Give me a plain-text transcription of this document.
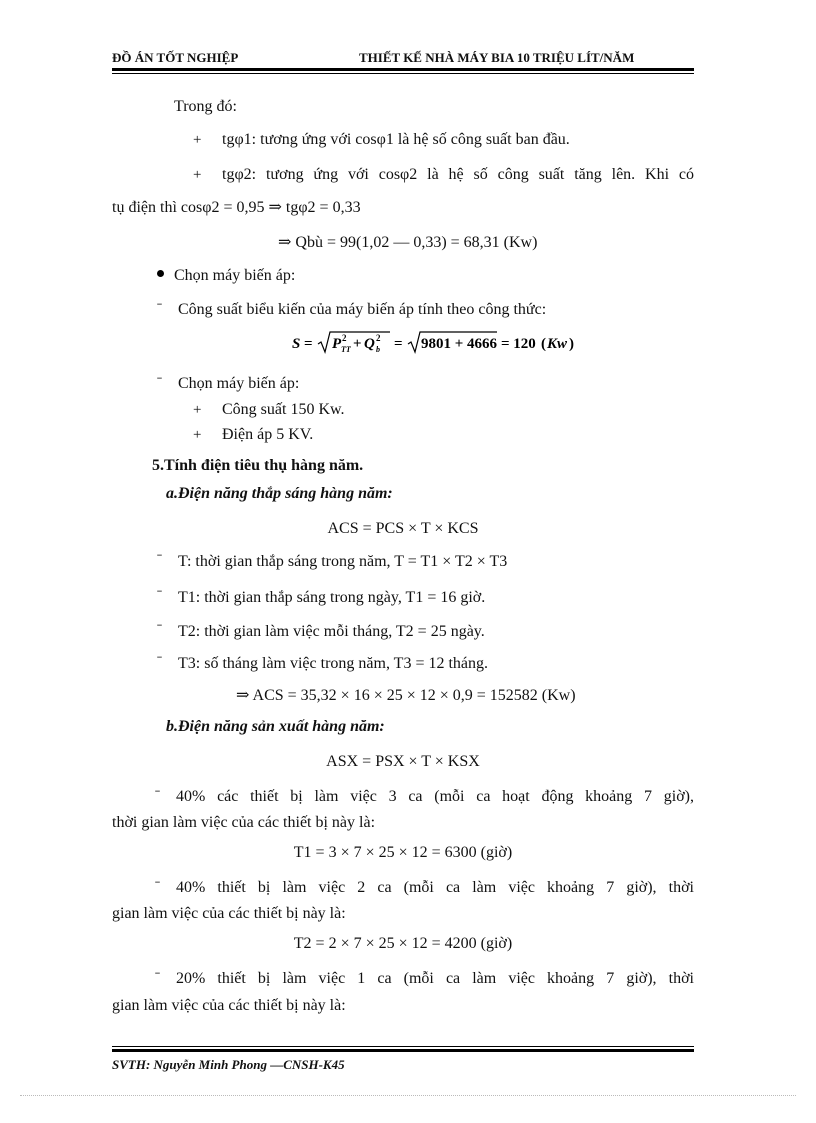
ĐỒ ÁN TỐT NGHIỆP	THIẾT KẾ NHÀ MÁY BIA 10 TRIỆU LÍT/NĂM
Trong đó:
+ tgφ1: tương ứng với cosφ1 là hệ số công suất ban đầu.
+ tgφ2: tương ứng với cosφ2 là hệ số công suất tăng lên. Khi có
tụ điện thì cosφ2 = 0,95 ⇒ tgφ2 = 0,33
⇒ Qbù = 99(1,02 — 0,33) = 68,31 (Kw)
Chọn máy biến áp:
ˉ Công suất biểu kiến của máy biến áp tính theo công thức:
S = P 2
TT + Q 2
b = 9801 + 4666 = 120 ( Kw )
ˉ Chọn máy biến áp:
+ Công suất 150 Kw.
+ Điện áp 5 KV.
5.Tính điện tiêu thụ hàng năm.
a.Điện năng thắp sáng hàng năm:
ACS = PCS × T × KCS
ˉ T: thời gian thắp sáng trong năm, T = T1 × T2 × T3
ˉ T1: thời gian thắp sáng trong ngày, T1 = 16 giờ.
ˉ T2: thời gian làm việc mỗi tháng, T2 = 25 ngày.
ˉ T3: số tháng làm việc trong năm, T3 = 12 tháng.
⇒ ACS = 35,32 × 16 × 25 × 12 × 0,9 = 152582 (Kw)
b.Điện năng sản xuất hàng năm:
ASX = PSX × T × KSX
ˉ 40% các thiết bị làm việc 3 ca (mỗi ca hoạt động khoảng 7 giờ),
thời gian làm việc của các thiết bị này là:
T1 = 3 × 7 × 25 × 12 = 6300 (giờ)
ˉ 40% thiết bị làm việc 2 ca (mỗi ca làm việc khoảng 7 giờ), thời
gian làm việc của các thiết bị này là:
T2 = 2 × 7 × 25 × 12 = 4200 (giờ)
ˉ 20% thiết bị làm việc 1 ca (mỗi ca làm việc khoảng 7 giờ), thời
gian làm việc của các thiết bị này là:
SVTH: Nguyễn Minh Phong —CNSH-K45
